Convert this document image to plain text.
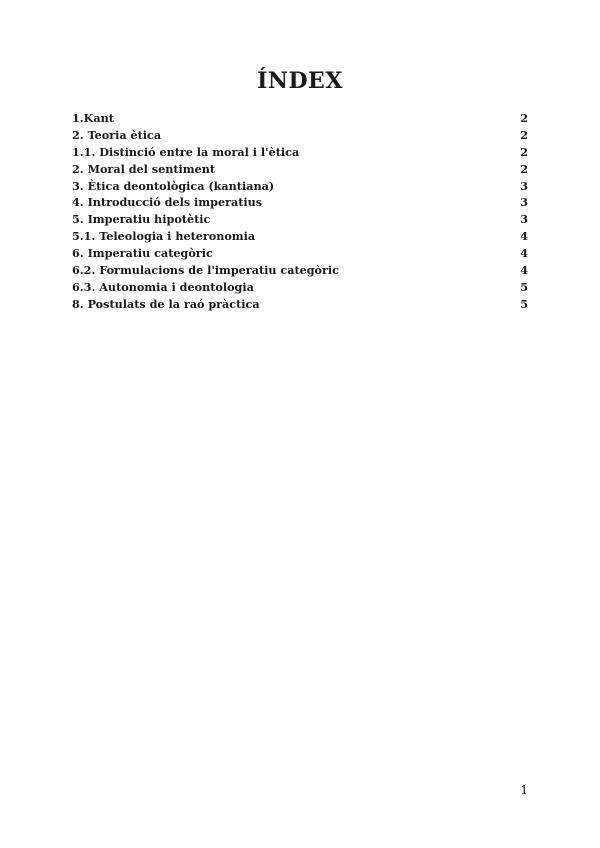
ÍNDEX
1.Kant	2
2. Teoria ètica	2
1.1. Distinció entre la moral i l'ètica	2
2. Moral del sentiment	2
3. Ètica deontològica (kantiana)	3
4. Introducció dels imperatius	3
5. Imperatiu hipotètic	3
5.1. Teleologia i heteronomia	4
6. Imperatiu categòric	4
6.2. Formulacions de l'imperatiu categòric	4
6.3. Autonomia i deontologia	5
8. Postulats de la raó pràctica	5

1
